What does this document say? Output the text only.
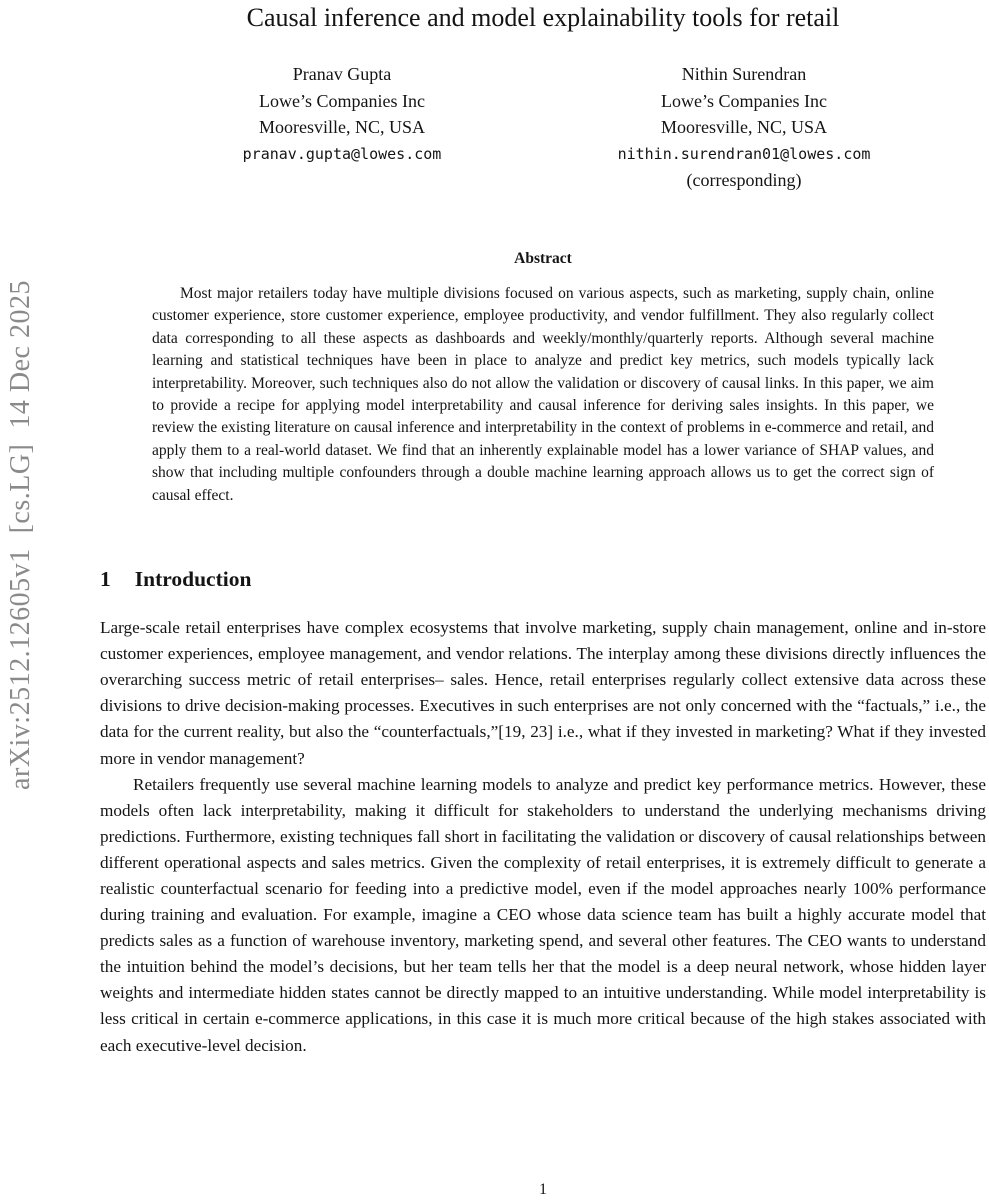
arXiv:2512.12605v1  [cs.LG]  14 Dec 2025
Causal inference and model explainability tools for retail
Pranav Gupta
Lowe’s Companies Inc
Mooresville, NC, USA
pranav.gupta@lowes.com
Nithin Surendran
Lowe’s Companies Inc
Mooresville, NC, USA
nithin.surendran01@lowes.com
(corresponding)
Abstract

Most major retailers today have multiple divisions focused on various aspects, such as marketing, supply chain, online customer experience, store customer experience, employee productivity, and vendor fulfillment. They also regularly collect data corresponding to all these aspects as dashboards and weekly/monthly/quarterly reports. Although several machine learning and statistical techniques have been in place to analyze and predict key metrics, such models typically lack interpretability. Moreover, such techniques also do not allow the validation or discovery of causal links. In this paper, we aim to provide a recipe for applying model interpretability and causal inference for deriving sales insights. In this paper, we review the existing literature on causal inference and interpretability in the context of problems in e-commerce and retail, and apply them to a real-world dataset. We find that an inherently explainable model has a lower variance of SHAP values, and show that including multiple confounders through a double machine learning approach allows us to get the correct sign of causal effect.

1 Introduction

Large-scale retail enterprises have complex ecosystems that involve marketing, supply chain management, online and in-store customer experiences, employee management, and vendor relations. The interplay among these divisions directly influences the overarching success metric of retail enterprises– sales. Hence, retail enterprises regularly collect extensive data across these divisions to drive decision-making processes. Executives in such enterprises are not only concerned with the “factuals,” i.e., the data for the current reality, but also the “counterfactuals,”[19, 23] i.e., what if they invested in marketing? What if they invested more in vendor management?

Retailers frequently use several machine learning models to analyze and predict key performance metrics. However, these models often lack interpretability, making it difficult for stakeholders to understand the underlying mechanisms driving predictions. Furthermore, existing techniques fall short in facilitating the validation or discovery of causal relationships between different operational aspects and sales metrics. Given the complexity of retail enterprises, it is extremely difficult to generate a realistic counterfactual scenario for feeding into a predictive model, even if the model approaches nearly 100% performance during training and evaluation. For example, imagine a CEO whose data science team has built a highly accurate model that predicts sales as a function of warehouse inventory, marketing spend, and several other features. The CEO wants to understand the intuition behind the model’s decisions, but her team tells her that the model is a deep neural network, whose hidden layer weights and intermediate hidden states cannot be directly mapped to an intuitive understanding. While model interpretability is less critical in certain e-commerce applications, in this case it is much more critical because of the high stakes associated with each executive-level decision.

1
